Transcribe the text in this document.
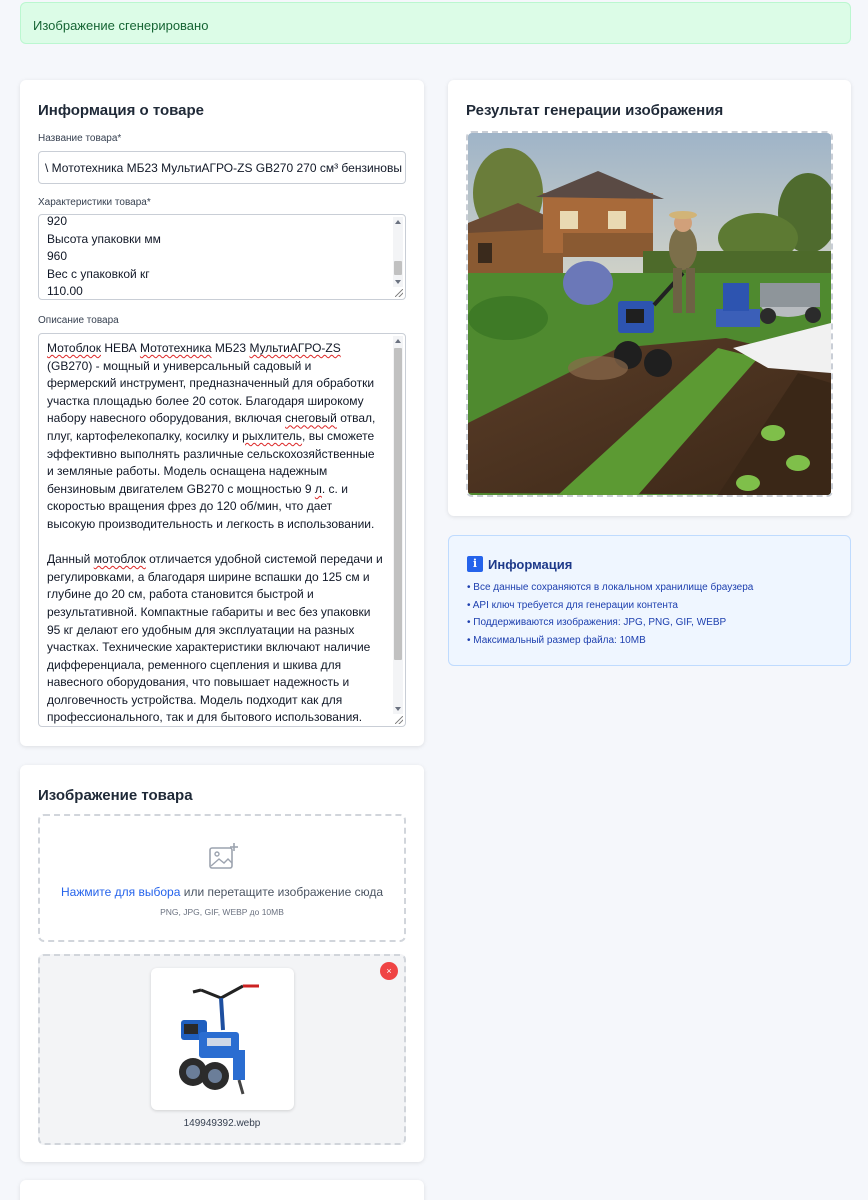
Изображение сгенерировано
Информация о товаре
Название товара*
\ Мототехника МБ23 МультиАГРО-ZS GB270 270 см³ бензиновы
Характеристики товара*
920
Высота упаковки мм
960
Вес с упаковкой кг
110.00
Описание товара

Мотоблок НЕВА Мототехника МБ23 МультиАГРО-ZS (GB270) - мощный и универсальный садовый и фермерский инструмент, предназначенный для обработки участка площадью более 20 соток. Благодаря широкому набору навесного оборудования, включая снеговый отвал, плуг, картофелекопалку, косилку и рыхлитель, вы сможете эффективно выполнять различные сельскохозяйственные и земляные работы. Модель оснащена надежным бензиновым двигателем GB270 с мощностью 9 л. с. и скоростью вращения фрез до 120 об/мин, что дает высокую производительность и легкость в использовании.

Данный мотоблок отличается удобной системой передачи и регулировками, а благодаря ширине вспашки до 125 см и глубине до 20 см, работа становится быстрой и результативной. Компактные габариты и вес без упаковки 95 кг делают его удобным для эксплуатации на разных участках. Технические характеристики включают наличие дифференциала, ременного сцепления и шкива для навесного оборудования, что повышает надежность и долговечность устройства. Модель подходит как для профессионального, так и для бытового использования.

Изображение товара
Нажмите для выбора или перетащите изображение сюда
PNG, JPG, GIF, WEBP до 10MB
149949392.webp
×
Результат генерации изображения
i Информация
• Все данные сохраняются в локальном хранилище браузера
• API ключ требуется для генерации контента
• Поддерживаются изображения: JPG, PNG, GIF, WEBP
• Максимальный размер файла: 10MB
